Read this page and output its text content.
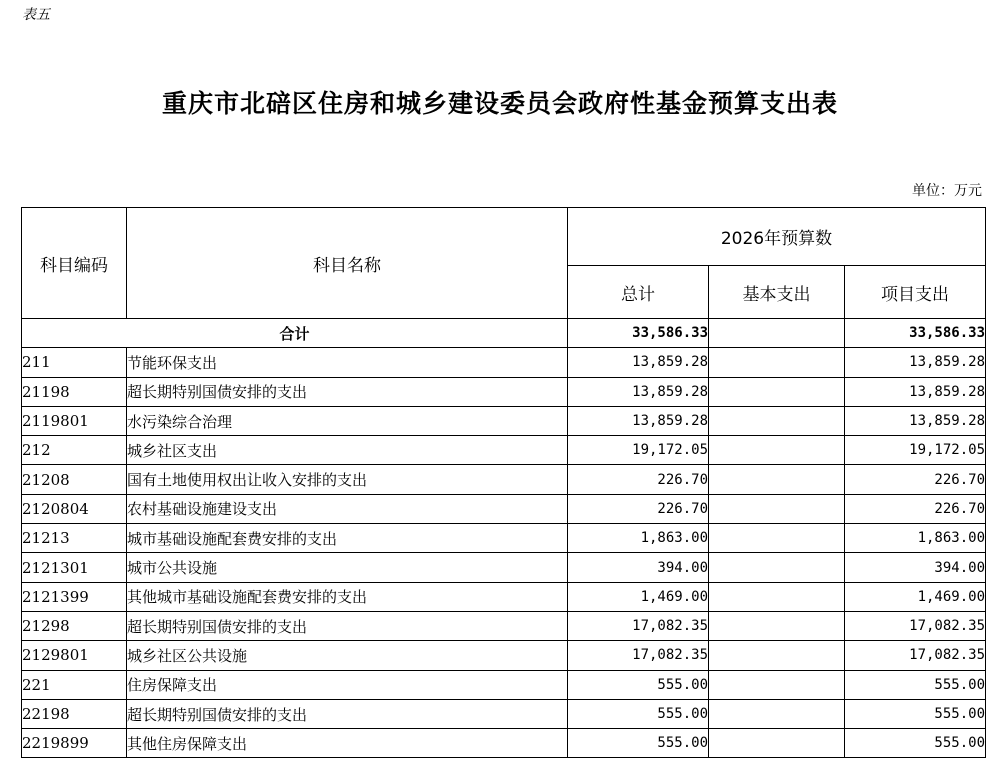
表五
重庆市北碚区住房和城乡建设委员会政府性基金预算支出表
单位：万元
科目编码	科目名称	2026年预算数		
		总计	基本支出	项目支出
合计		33,586.33		33,586.33
211	节能环保支出	13,859.28		13,859.28
21198	超长期特别国债安排的支出	13,859.28		13,859.28
2119801	水污染综合治理	13,859.28		13,859.28
212	城乡社区支出	19,172.05		19,172.05
21208	国有土地使用权出让收入安排的支出	226.70		226.70
2120804	农村基础设施建设支出	226.70		226.70
21213	城市基础设施配套费安排的支出	1,863.00		1,863.00
2121301	城市公共设施	394.00		394.00
2121399	其他城市基础设施配套费安排的支出	1,469.00		1,469.00
21298	超长期特别国债安排的支出	17,082.35		17,082.35
2129801	城乡社区公共设施	17,082.35		17,082.35
221	住房保障支出	555.00		555.00
22198	超长期特别国债安排的支出	555.00		555.00
2219899	其他住房保障支出	555.00		555.00
